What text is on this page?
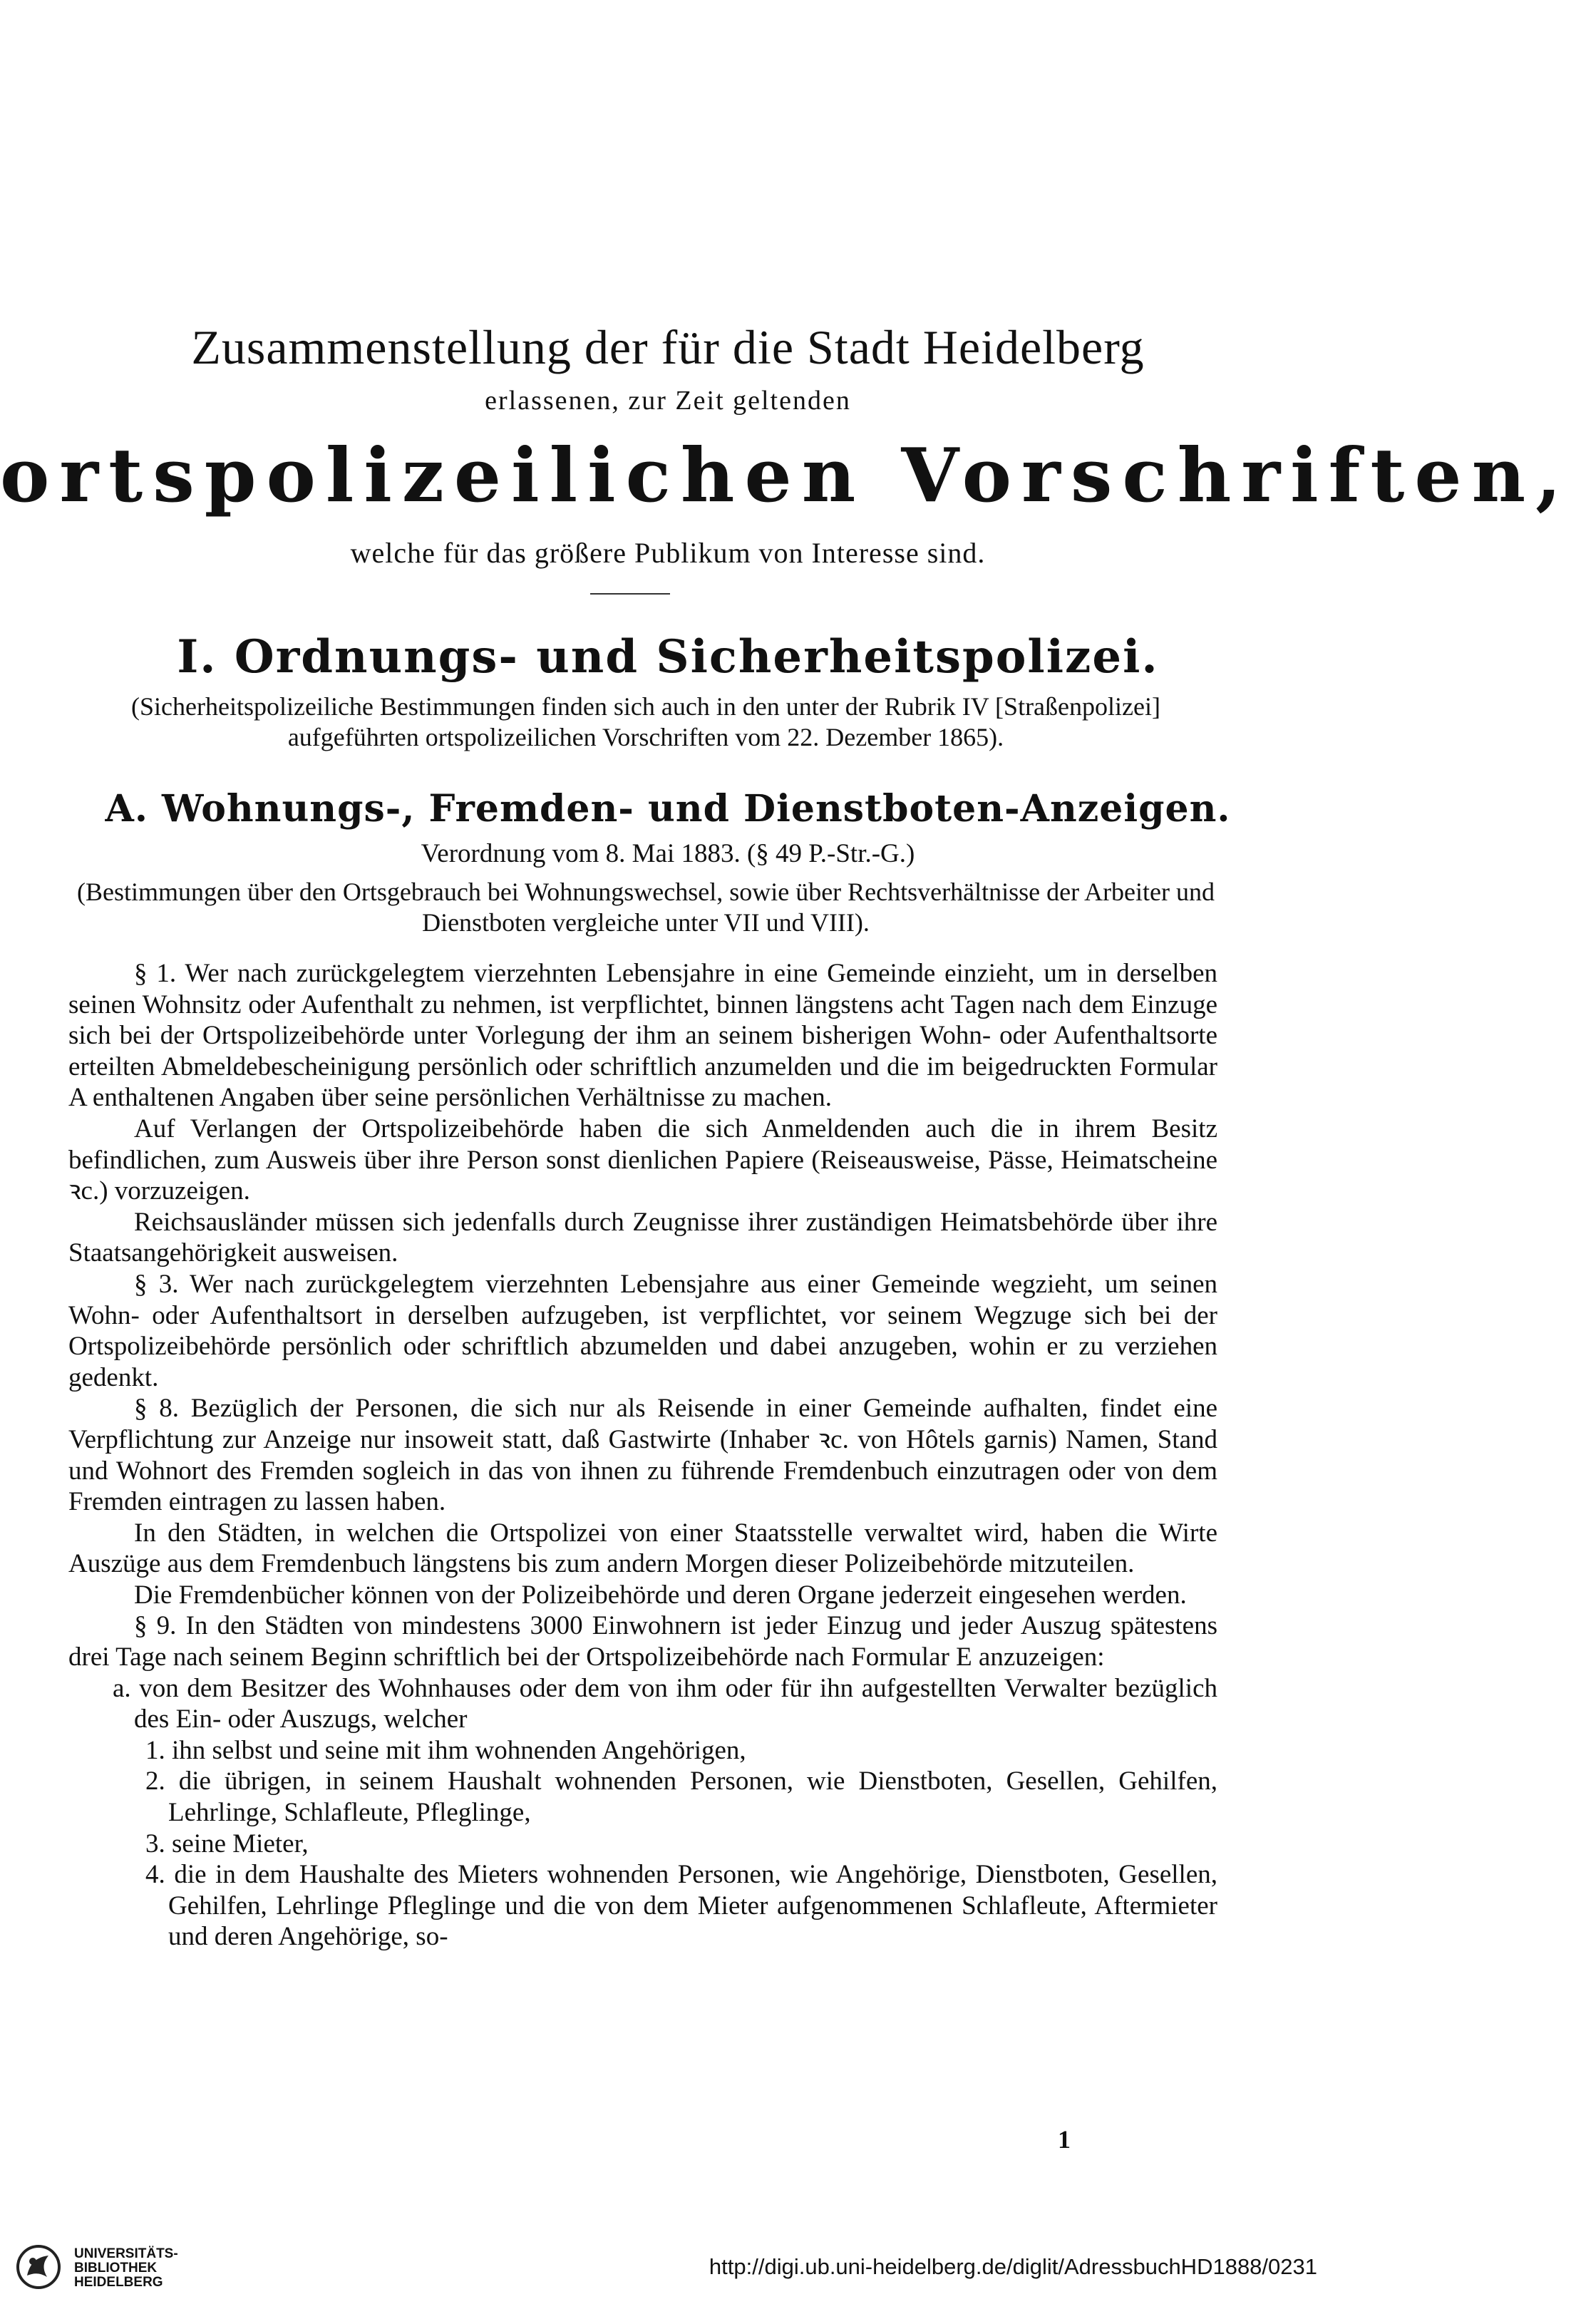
Zusammenstellung der für die Stadt Heidelberg
erlassenen, zur Zeit geltenden
ortspolizeilichen Vorschriften,
welche für das größere Publikum von Interesse sind.
I. Ordnungs- und Sicherheitspolizei.
(Sicherheitspolizeiliche Bestimmungen finden sich auch in den unter der Rubrik IV [Straßenpolizei] aufgeführten ortspolizeilichen Vorschriften vom 22. Dezember 1865).
A. Wohnungs-, Fremden- und Dienstboten-Anzeigen.
Verordnung vom 8. Mai 1883. (§ 49 P.-Str.-G.)
(Bestimmungen über den Ortsgebrauch bei Wohnungswechsel, sowie über Rechtsverhältnisse der Arbeiter und Dienstboten vergleiche unter VII und VIII).

§ 1. Wer nach zurückgelegtem vierzehnten Lebensjahre in eine Gemeinde einzieht, um in derselben seinen Wohnsitz oder Aufenthalt zu nehmen, ist verpflichtet, binnen längstens acht Tagen nach dem Einzuge sich bei der Ortspolizeibehörde unter Vorlegung der ihm an seinem bisherigen Wohn- oder Aufenthaltsorte erteilten Abmeldebescheinigung persönlich oder schriftlich anzumelden und die im beigedruckten Formular A enthaltenen Angaben über seine persönlichen Verhältnisse zu machen.

Auf Verlangen der Ortspolizeibehörde haben die sich Anmeldenden auch die in ihrem Besitz befindlichen, zum Ausweis über ihre Person sonst dienlichen Papiere (Reiseausweise, Pässe, Heimatscheine ꝛc.) vorzuzeigen.

Reichsausländer müssen sich jedenfalls durch Zeugnisse ihrer zuständigen Heimatsbehörde über ihre Staatsangehörigkeit ausweisen.

§ 3. Wer nach zurückgelegtem vierzehnten Lebensjahre aus einer Gemeinde wegzieht, um seinen Wohn- oder Aufenthaltsort in derselben aufzugeben, ist verpflichtet, vor seinem Wegzuge sich bei der Ortspolizeibehörde persönlich oder schriftlich abzumelden und dabei anzugeben, wohin er zu verziehen gedenkt.

§ 8. Bezüglich der Personen, die sich nur als Reisende in einer Gemeinde aufhalten, findet eine Verpflichtung zur Anzeige nur insoweit statt, daß Gastwirte (Inhaber ꝛc. von Hôtels garnis) Namen, Stand und Wohnort des Fremden sogleich in das von ihnen zu führende Fremdenbuch einzutragen oder von dem Fremden eintragen zu lassen haben.

In den Städten, in welchen die Ortspolizei von einer Staatsstelle verwaltet wird, haben die Wirte Auszüge aus dem Fremdenbuch längstens bis zum andern Morgen dieser Polizeibehörde mitzuteilen.

Die Fremdenbücher können von der Polizeibehörde und deren Organe jederzeit eingesehen werden.

§ 9. In den Städten von mindestens 3000 Einwohnern ist jeder Einzug und jeder Auszug spätestens drei Tage nach seinem Beginn schriftlich bei der Ortspolizeibehörde nach Formular E anzuzeigen:

a. von dem Besitzer des Wohnhauses oder dem von ihm oder für ihn aufgestellten Verwalter bezüglich des Ein- oder Auszugs, welcher
1. ihn selbst und seine mit ihm wohnenden Angehörigen,
2. die übrigen, in seinem Haushalt wohnenden Personen, wie Dienstboten, Gesellen, Gehilfen, Lehrlinge, Schlafleute, Pfleglinge,
3. seine Mieter,
4. die in dem Haushalte des Mieters wohnenden Personen, wie Angehörige, Dienstboten, Gesellen, Gehilfen, Lehrlinge Pfleglinge und die von dem Mieter aufgenommenen Schlafleute, Aftermieter und deren Angehörige, so-
1
UNIVERSITÄTS-
BIBLIOTHEK
HEIDELBERG
http://digi.ub.uni-heidelberg.de/diglit/AdressbuchHD1888/0231
